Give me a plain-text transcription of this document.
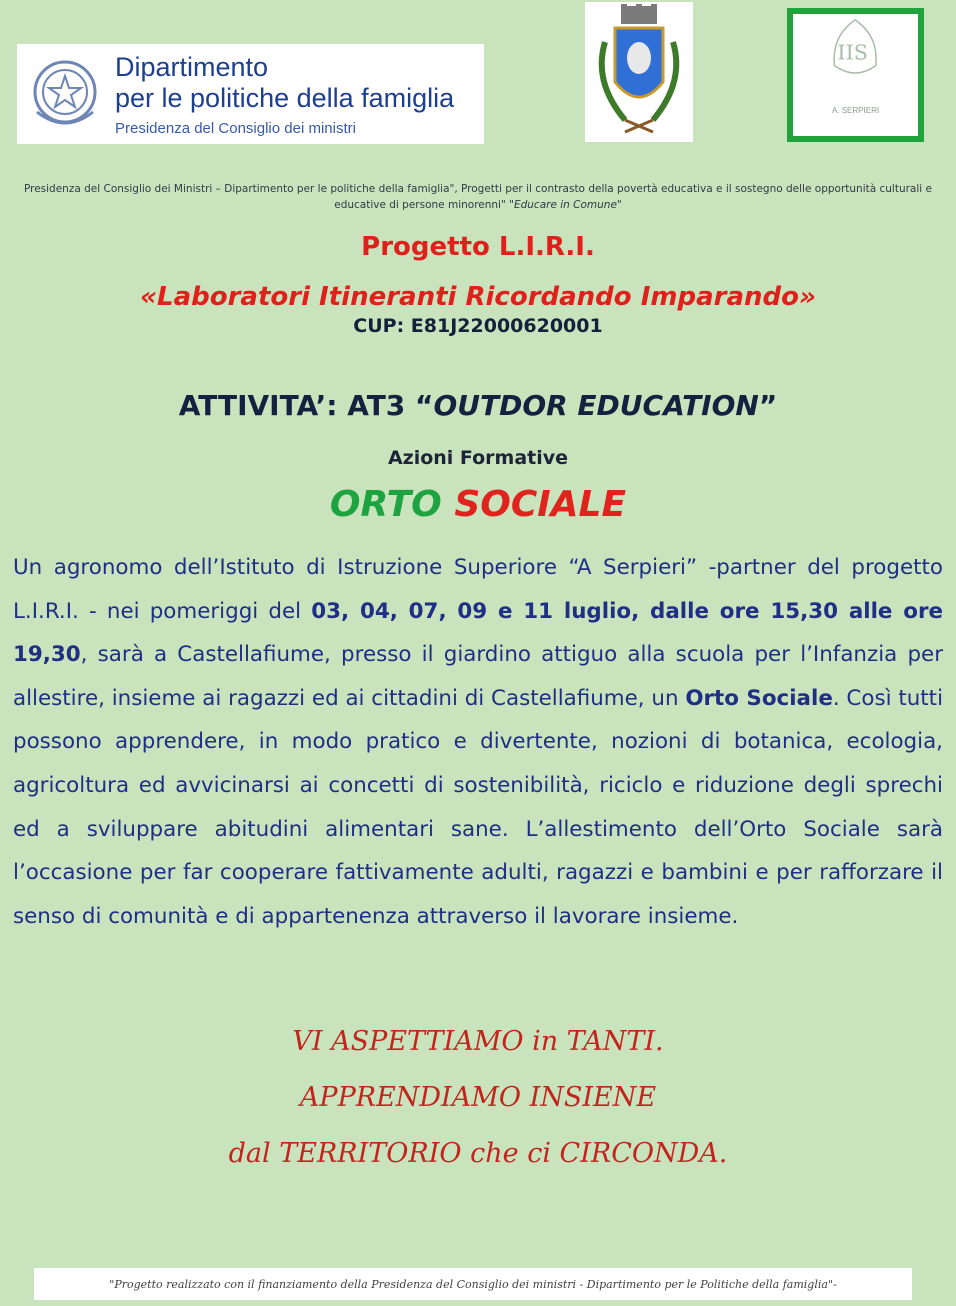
Dipartimento
per le politiche della famiglia
Presidenza del Consiglio dei ministri
IIS
A. SERPIERI
Presidenza del Consiglio dei Ministri – Dipartimento per le politiche della famiglia", Progetti per il contrasto della povertà educativa e il sostegno delle opportunità culturali e educative di persone minorenni" "Educare in Comune"
Progetto L.I.R.I.
«Laboratori Itineranti Ricordando Imparando»
CUP: E81J22000620001
ATTIVITA’: AT3 “OUTDOR EDUCATION”
Azioni Formative
ORTO SOCIALE
Un agronomo dell’Istituto di Istruzione Superiore “A Serpieri” -partner del progetto L.I.R.I. - nei pomeriggi del 03, 04, 07, 09 e 11 luglio, dalle ore 15,30 alle ore 19,30, sarà a Castellafiume, presso il giardino attiguo alla scuola per l’Infanzia per allestire, insieme ai ragazzi ed ai cittadini di Castellafiume, un Orto Sociale. Così tutti possono apprendere, in modo pratico e divertente, nozioni di botanica, ecologia, agricoltura ed avvicinarsi ai concetti di sostenibilità, riciclo e riduzione degli sprechi ed a sviluppare abitudini alimentari sane. L’allestimento dell’Orto Sociale sarà l’occasione per far cooperare fattivamente adulti, ragazzi e bambini e per rafforzare il senso di comunità e di appartenenza attraverso il lavorare insieme.
VI ASPETTIAMO in TANTI.
APPRENDIAMO INSIENE
dal TERRITORIO che ci CIRCONDA.
"Progetto realizzato con il finanziamento della Presidenza del Consiglio dei ministri - Dipartimento per le Politiche della famiglia"-
